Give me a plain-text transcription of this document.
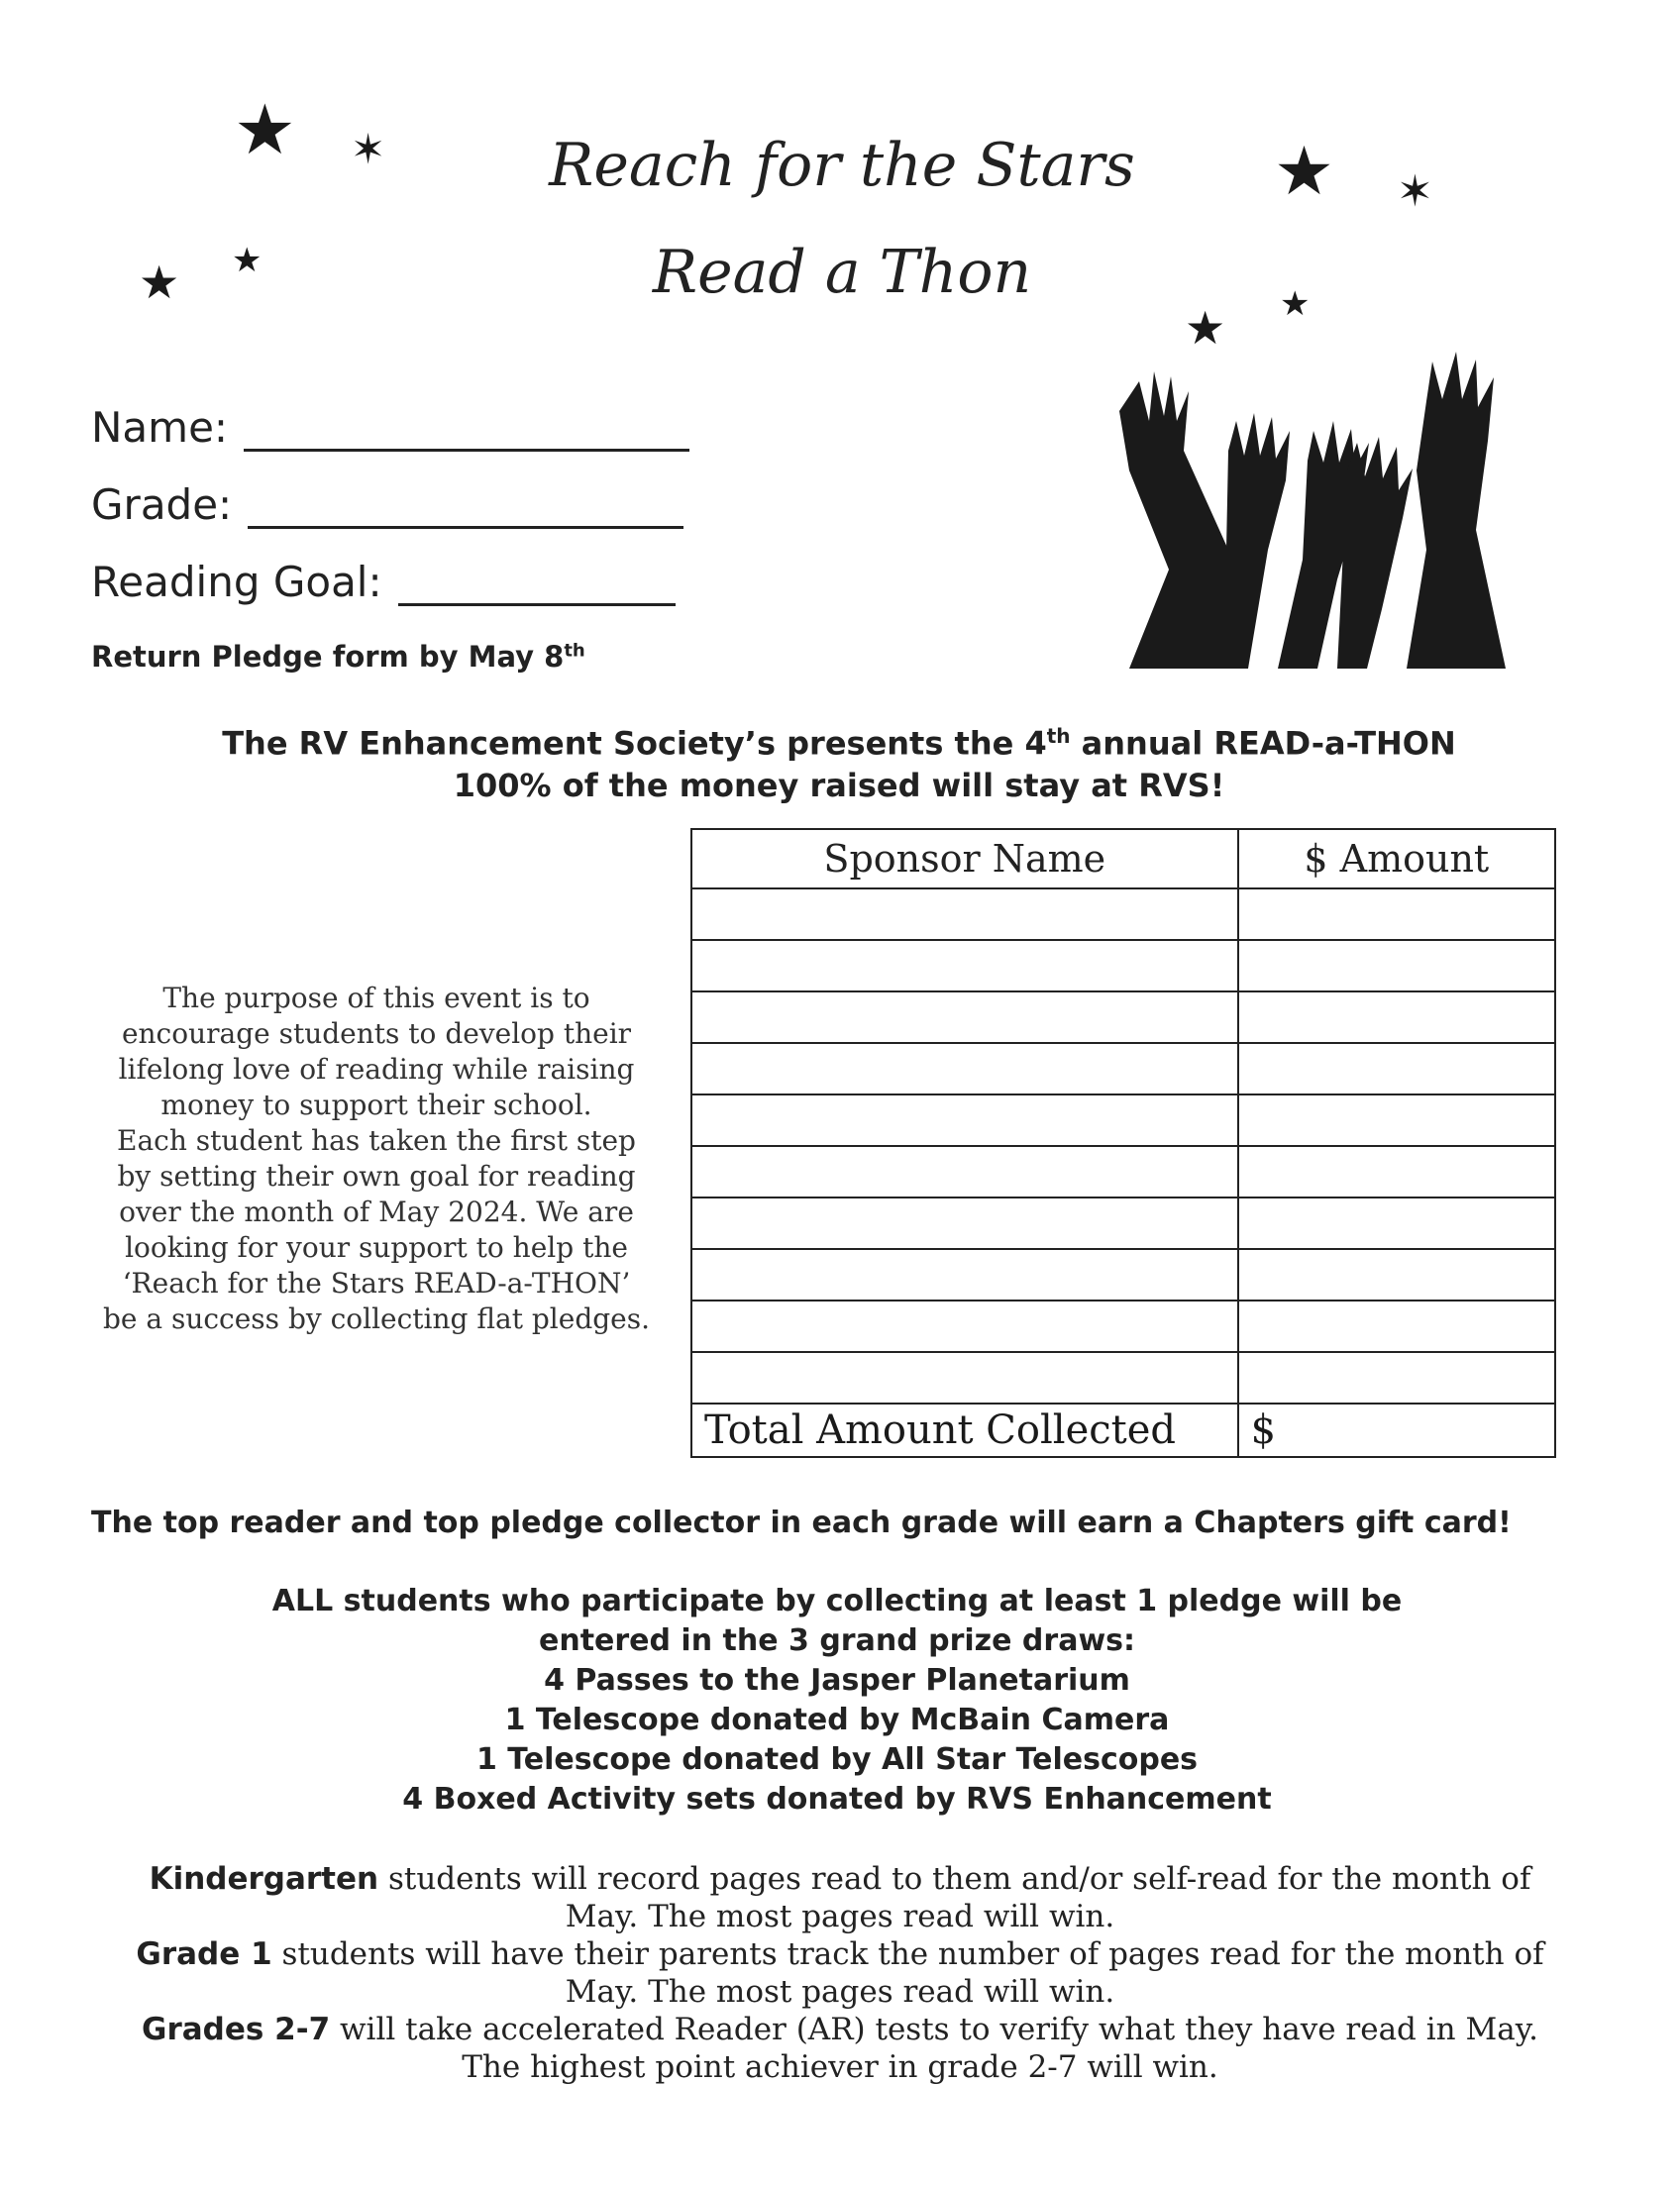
★ ✶
★ ★
★ ✶
★ ★
Reach for the Stars
Read a Thon
Name:
Grade:
Reading Goal:
Return Pledge form by May 8th
The RV Enhancement Society’s presents the 4th annual READ-a-THON
100% of the money raised will stay at RVS!
The purpose of this event is to
encourage students to develop their
lifelong love of reading while raising
money to support their school.
Each student has taken the first step
by setting their own goal for reading
over the month of May 2024. We are
looking for your support to help the
‘Reach for the Stars READ-a-THON’
be a success by collecting flat pledges.
Sponsor Name	$ Amount

Total Amount Collected	$
The top reader and top pledge collector in each grade will earn a Chapters gift card!
ALL students who participate by collecting at least 1 pledge will be
entered in the 3 grand prize draws:
4 Passes to the Jasper Planetarium
1 Telescope donated by McBain Camera
1 Telescope donated by All Star Telescopes
4 Boxed Activity sets donated by RVS Enhancement
Kindergarten students will record pages read to them and/or self-read for the month of
May. The most pages read will win.
Grade 1 students will have their parents track the number of pages read for the month of
May. The most pages read will win.
Grades 2-7 will take accelerated Reader (AR) tests to verify what they have read in May.
The highest point achiever in grade 2-7 will win.
